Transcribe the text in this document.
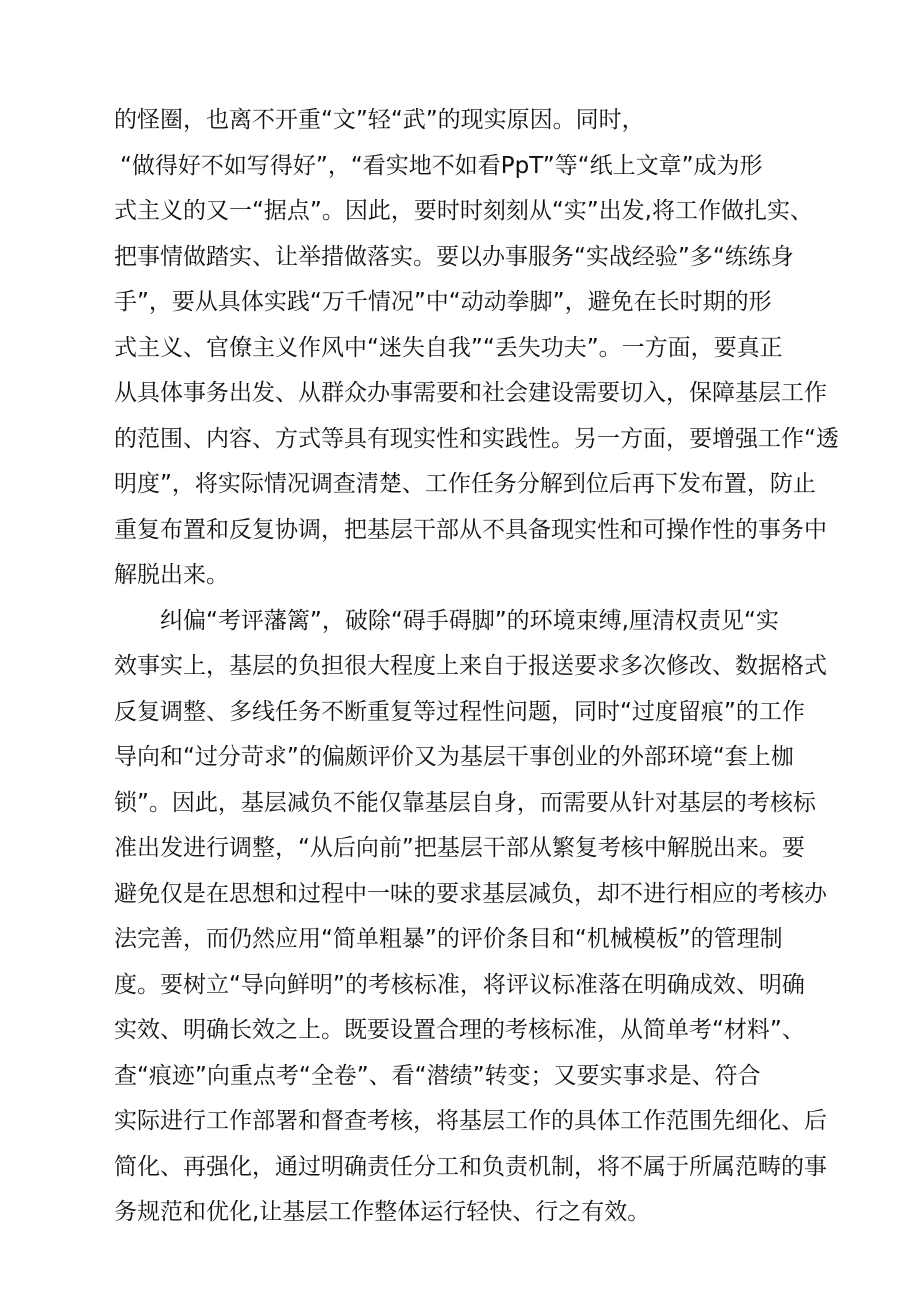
的怪圈，也离不开重“文”轻“武”的现实原因。同时，
“做得好不如写得好”，“看实地不如看PpT”等“纸上文章”成为形
式主义的又一“据点”。因此，要时时刻刻从“实”出发,将工作做扎实、
把事情做踏实、让举措做落实。要以办事服务“实战经验”多“练练身
手”，要从具体实践“万千情况”中“动动拳脚”，避免在长时期的形
式主义、官僚主义作风中“迷失自我”“丢失功夫”。一方面，要真正
从具体事务出发、从群众办事需要和社会建设需要切入，保障基层工作
的范围、内容、方式等具有现实性和实践性。另一方面，要增强工作“透
明度”，将实际情况调查清楚、工作任务分解到位后再下发布置，防止
重复布置和反复协调，把基层干部从不具备现实性和可操作性的事务中
解脱出来。
纠偏“考评藩篱”，破除“碍手碍脚”的环境束缚,厘清权责见“实
效事实上，基层的负担很大程度上来自于报送要求多次修改、数据格式
反复调整、多线任务不断重复等过程性问题，同时“过度留痕”的工作
导向和“过分苛求”的偏颇评价又为基层干事创业的外部环境“套上枷
锁”。因此，基层减负不能仅靠基层自身，而需要从针对基层的考核标
准出发进行调整，“从后向前”把基层干部从繁复考核中解脱出来。要
避免仅是在思想和过程中一味的要求基层减负，却不进行相应的考核办
法完善，而仍然应用“简单粗暴”的评价条目和“机械模板”的管理制
度。要树立“导向鲜明”的考核标准，将评议标准落在明确成效、明确
实效、明确长效之上。既要设置合理的考核标准，从简单考“材料”、
查“痕迹”向重点考“全卷”、看“潜绩”转变；又要实事求是、符合
实际进行工作部署和督查考核，将基层工作的具体工作范围先细化、后
简化、再强化，通过明确责任分工和负责机制，将不属于所属范畴的事
务规范和优化,让基层工作整体运行轻快、行之有效。
